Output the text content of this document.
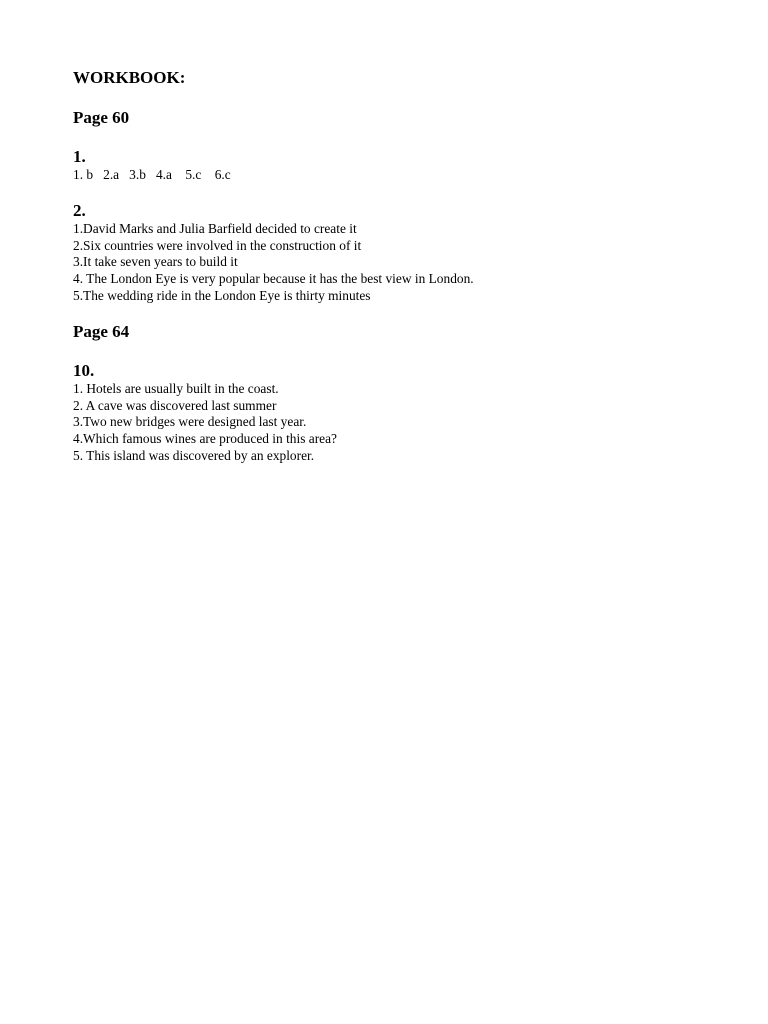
WORKBOOK:

Page 60

1.

1. b   2.a   3.b   4.a    5.c    6.c

2.

1.David Marks and Julia Barfield decided to create it

2.Six countries were involved in the construction of it

3.It take seven years to build it

4. The London Eye is very popular because it has the best view in London.

5.The wedding ride in the London Eye is thirty minutes

Page 64

10.

1. Hotels are usually built in the coast.

2. A cave was discovered last summer

3.Two new bridges were designed last year.

4.Which famous wines are produced in this area?

5. This island was discovered by an explorer.
